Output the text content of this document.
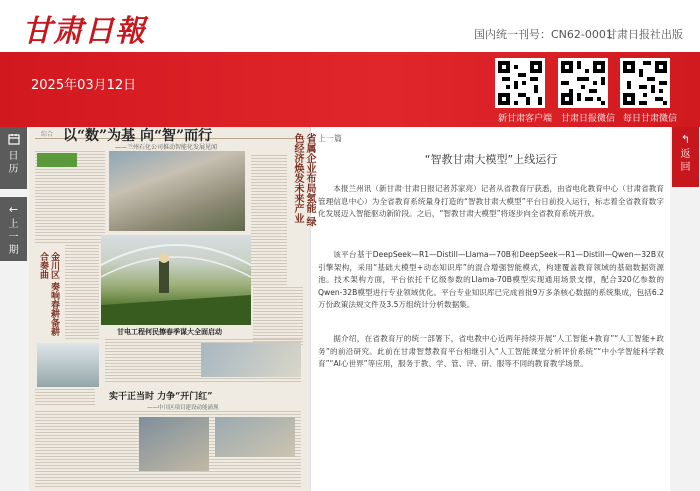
甘肃日報	国内统一刊号：CN62-0001
甘肃日报社出版
2025年03月12日
新甘肃客户端 甘肃日报微信 每日甘肃微信
日历
←
上一期
↰
返回
综合 以“数”为基 向“智”而行
——兰州石化公司推动智能化发展见闻	省属企业布局氢能 绿色经济焕发未来产业
金川区 奏响春耕备耕合奏曲
甘电工程何民擦春季谋大全面启动
实干正当时 力争“开门红”
——中川区项目建设动能涌现
上一篇
“智教甘肃大模型”上线运行

本报兰州讯（新甘肃·甘肃日报记者苏家亮）记者从省教育厅获悉，由省电化教育中心（甘肃省教育管理信息中心）为全省教育系统量身打造的“智教甘肃大模型”平台日前投入运行，标志着全省教育数字化发展迈入智能驱动新阶段。之后，“智教甘肃大模型”将逐步向全省教育系统开放。

该平台基于DeepSeek—R1—Distill—Llama—70B和DeepSeek—R1—Distill—Qwen—32B双引擎架构，采用“基础大模型+动态知识库”的混合增强智能模式，构建覆盖教育领域的基础数据资源池。技术架构方面，平台依托千亿级参数的Llama-70B模型实现通用场景支撑，配合320亿参数的Qwen-32B模型进行专业领域优化。平台专业知识库已完成首批9万多条核心数据的系统集成，包括6.2万份政策法规文件及3.5万组统计分析数据集。

据介绍，在省教育厅的统一部署下，省电教中心近两年持续开展“人工智能+教育”“人工智能+政务”的前沿研究。此前在甘肃智慧教育平台相继引入“人工智能课堂分析评价系统”“中小学智能科学教育”“AI心世界”等应用，服务于教、学、管、评、研、服等不同的教育教学场景。
